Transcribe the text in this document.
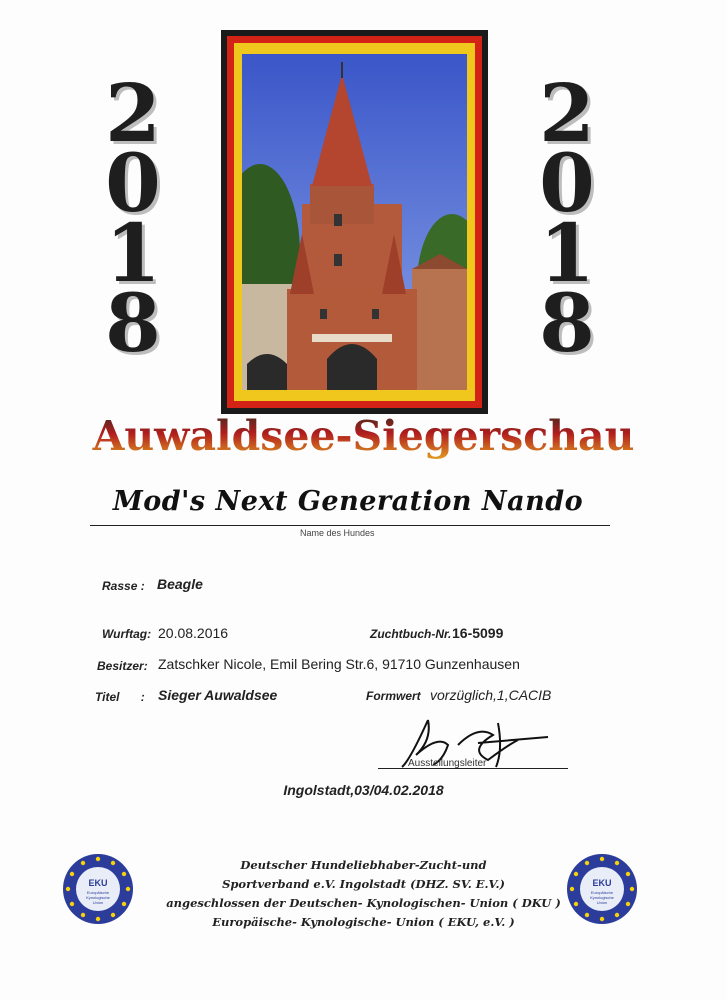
2
0
1
8
2
0
1
8
Auwaldsee-Siegerschau
Mod's Next Generation Nando
Name des Hundes
Rasse : Beagle
Wurftag: 20.08.2016	Zuchtbuch-Nr. 16-5099
Besitzer: Zatschker Nicole, Emil Bering Str.6, 91710 Gunzenhausen
Titel : Sieger Auwaldsee	Formwert vorzüglich,1,CACIB
Ausstellungsleiter
Ingolstadt,03/04.02.2018
EKU
Europäische
Kynologische
Union
EKU
Europäische
Kynologische
Union
Deutscher Hundeliebhaber-Zucht-und
Sportverband e.V. Ingolstadt (DHZ. SV. E.V.)
angeschlossen der Deutschen- Kynologischen- Union ( DKU )
Europäische- Kynologische- Union ( EKU, e.V. )
